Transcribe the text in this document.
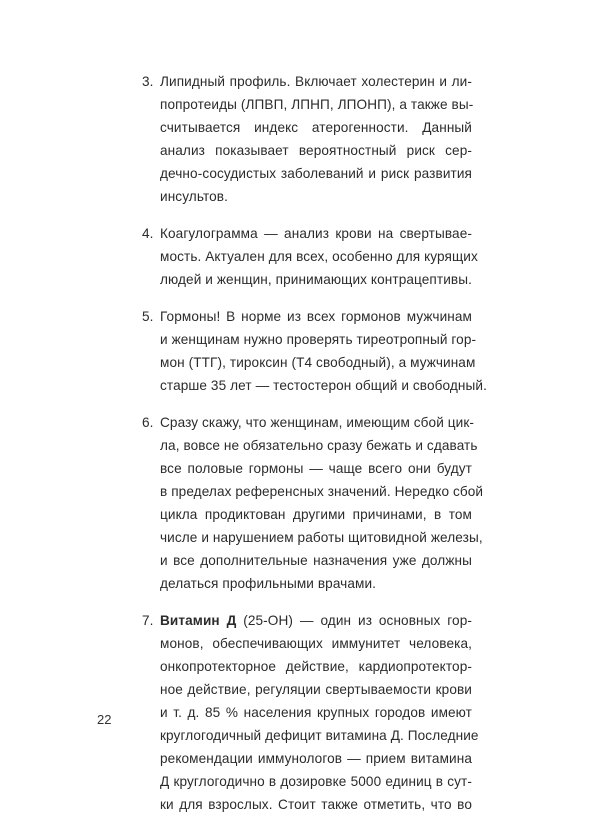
3. Липидный профиль. Включает холестерин и ли-
попротеиды (ЛПВП, ЛПНП, ЛПОНП), а также вы-
считывается индекс атерогенности. Данный
анализ показывает вероятностный риск сер-
дечно-сосудистых заболеваний и риск развития
инсультов.
4. Коагулограмма — анализ крови на свертывае-
мость. Актуален для всех, особенно для курящих
людей и женщин, принимающих контрацептивы.
5. Гормоны! В норме из всех гормонов мужчинам
и женщинам нужно проверять тиреотропный гор-
мон (ТТГ), тироксин (Т4 свободный), а мужчинам
старше 35 лет — тестостерон общий и свободный.
6. Сразу скажу, что женщинам, имеющим сбой цик-
ла, вовсе не обязательно сразу бежать и сдавать
все половые гормоны — чаще всего они будут
в пределах референсных значений. Нередко сбой
цикла продиктован другими причинами, в том
числе и нарушением работы щитовидной железы,
и все дополнительные назначения уже должны
делаться профильными врачами.
7. Витамин Д (25-ОН) — один из основных гор-
монов, обеспечивающих иммунитет человека,
онкопротекторное действие, кардиопротектор-
ное действие, регуляции свертываемости крови
и т. д. 85 % населения крупных городов имеют
круглогодичный дефицит витамина Д. Последние
рекомендации иммунологов — прием витамина
Д круглогодично в дозировке 5000 единиц в сут-
ки для взрослых. Стоит также отметить, что во
22
